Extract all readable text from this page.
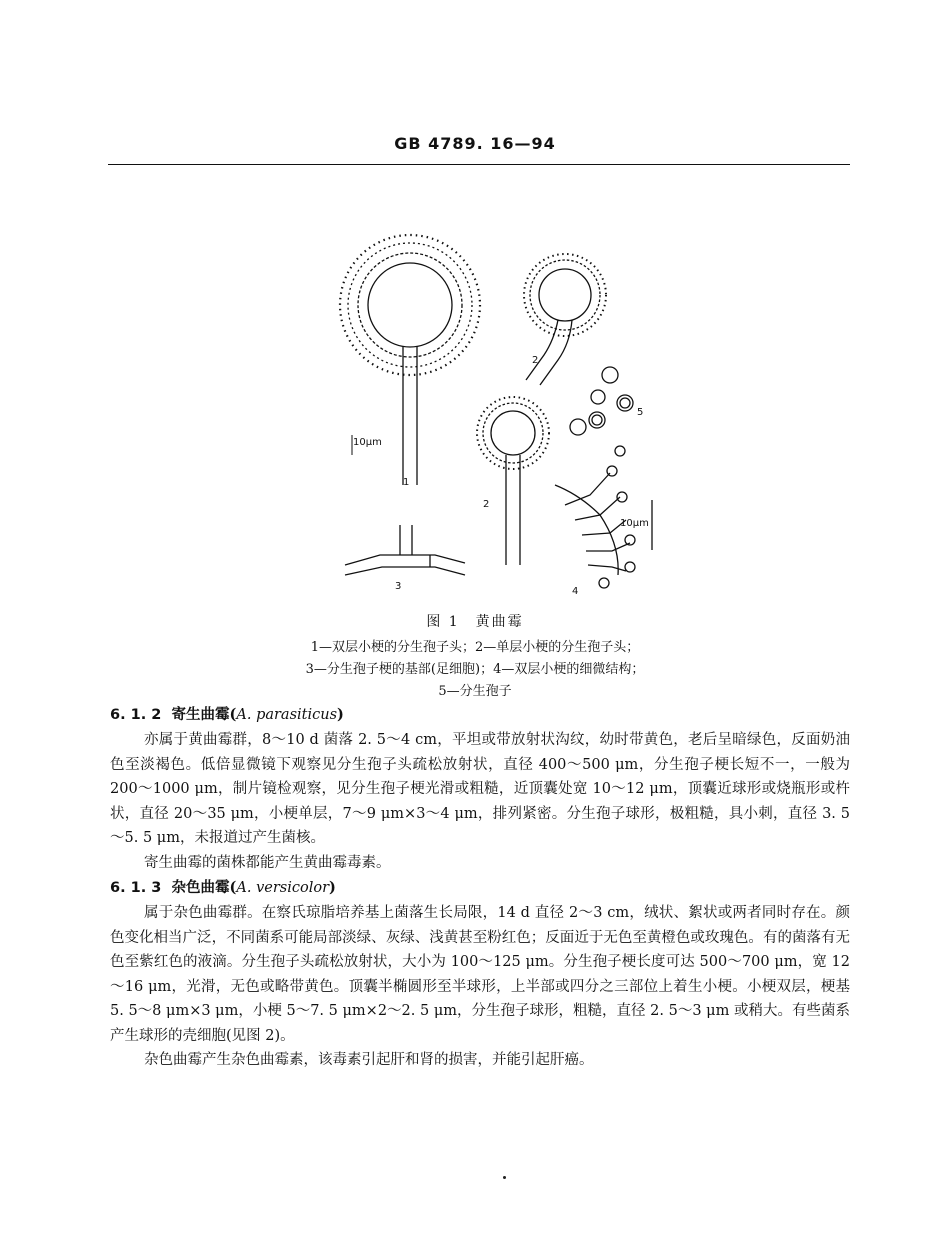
GB 4789. 16—94
10μm
10μm
1
2
2
3	4
5
图 1　黄曲霉
1—双层小梗的分生孢子头；2—单层小梗的分生孢子头；
3—分生孢子梗的基部(足细胞)；4—双层小梗的细微结构；
5—分生孢子
6. 1. 2 寄生曲霉(A. parasiticus)

亦属于黄曲霉群，8～10 d 菌落 2. 5～4 cm，平坦或带放射状沟纹，幼时带黄色，老后呈暗绿色，反面奶油色至淡褐色。低倍显微镜下观察见分生孢子头疏松放射状，直径 400～500 μm，分生孢子梗长短不一，一般为 200～1000 μm，制片镜检观察，见分生孢子梗光滑或粗糙，近顶囊处宽 10～12 μm，顶囊近球形或烧瓶形或杵状，直径 20～35 μm，小梗单层，7～9 μm×3～4 μm，排列紧密。分生孢子球形，极粗糙，具小刺，直径 3. 5～5. 5 μm，未报道过产生菌核。

寄生曲霉的菌株都能产生黄曲霉毒素。

6. 1. 3 杂色曲霉(A. versicolor)

属于杂色曲霉群。在察氏琼脂培养基上菌落生长局限，14 d 直径 2～3 cm，绒状、絮状或两者同时存在。颜色变化相当广泛，不同菌系可能局部淡绿、灰绿、浅黄甚至粉红色；反面近于无色至黄橙色或玫瑰色。有的菌落有无色至紫红色的液滴。分生孢子头疏松放射状，大小为 100～125 μm。分生孢子梗长度可达 500～700 μm，宽 12～16 μm，光滑，无色或略带黄色。顶囊半椭圆形至半球形，上半部或四分之三部位上着生小梗。小梗双层，梗基 5. 5～8 μm×3 μm，小梗 5～7. 5 μm×2～2. 5 μm，分生孢子球形，粗糙，直径 2. 5～3 μm 或稍大。有些菌系产生球形的壳细胞(见图 2)。

杂色曲霉产生杂色曲霉素，该毒素引起肝和肾的损害，并能引起肝癌。
